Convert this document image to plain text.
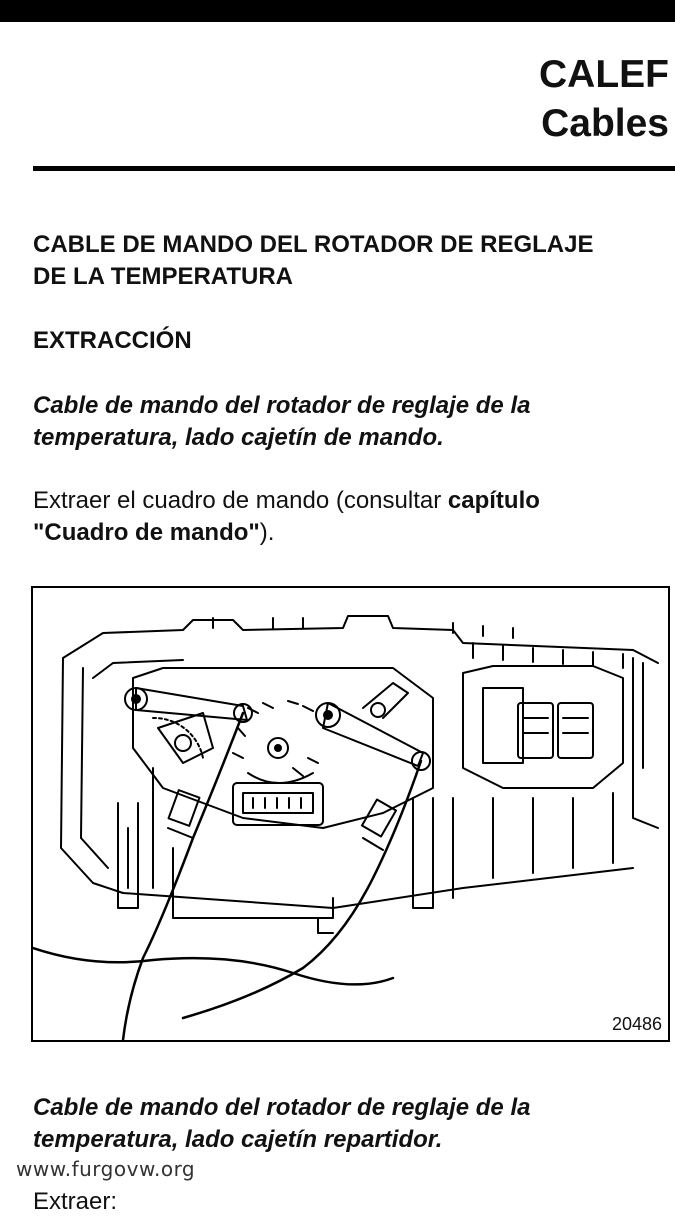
CALEF
Cables

CABLE DE MANDO DEL ROTADOR DE REGLAJE

DE LA TEMPERATURA

EXTRACCIÓN

Cable de mando del rotador de reglaje de la

temperatura, lado cajetín de mando.

Extraer el cuadro de mando (consultar capítulo

"Cuadro de mando").

20486

Cable de mando del rotador de reglaje de la

temperatura, lado cajetín repartidor.

Extraer:

www.furgovw.org
